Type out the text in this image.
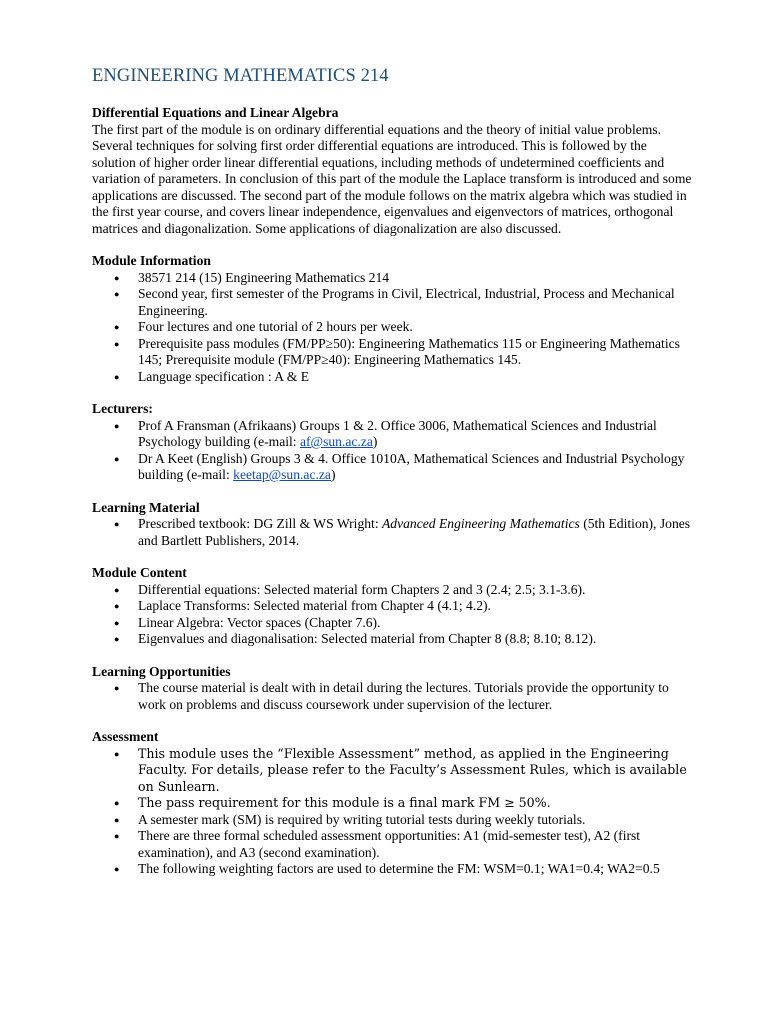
ENGINEERING MATHEMATICS 214

Differential Equations and Linear Algebra

The first part of the module is on ordinary differential equations and the theory of initial value problems. Several techniques for solving first order differential equations are introduced. This is followed by the solution of higher order linear differential equations, including methods of undetermined coefficients and variation of parameters. In conclusion of this part of the module the Laplace transform is introduced and some applications are discussed. The second part of the module follows on the matrix algebra which was studied in the first year course, and covers linear independence, eigenvalues and eigenvectors of matrices, orthogonal matrices and diagonalization. Some applications of diagonalization are also discussed.

Module Information

● 38571 214 (15) Engineering Mathematics 214
● Second year, first semester of the Programs in Civil, Electrical, Industrial, Process and Mechanical Engineering.
● Four lectures and one tutorial of 2 hours per week.
● Prerequisite pass modules (FM/PP≥50): Engineering Mathematics 115 or Engineering Mathematics 145; Prerequisite module (FM/PP≥40): Engineering Mathematics 145.
● Language specification : A & E

Lecturers:

● Prof A Fransman (Afrikaans) Groups 1 & 2. Office 3006, Mathematical Sciences and Industrial Psychology building (e-mail: af@sun.ac.za)
● Dr A Keet (English) Groups 3 & 4. Office 1010A, Mathematical Sciences and Industrial Psychology building (e-mail: keetap@sun.ac.za)

Learning Material

● Prescribed textbook: DG Zill & WS Wright: Advanced Engineering Mathematics (5th Edition), Jones and Bartlett Publishers, 2014.

Module Content

● Differential equations: Selected material form Chapters 2 and 3 (2.4; 2.5; 3.1-3.6).
● Laplace Transforms: Selected material from Chapter 4 (4.1; 4.2).
● Linear Algebra: Vector spaces (Chapter 7.6).
● Eigenvalues and diagonalisation: Selected material from Chapter 8 (8.8; 8.10; 8.12).

Learning Opportunities

● The course material is dealt with in detail during the lectures. Tutorials provide the opportunity to work on problems and discuss coursework under supervision of the lecturer.

Assessment

● This module uses the “Flexible Assessment” method, as applied in the Engineering Faculty. For details, please refer to the Faculty’s Assessment Rules, which is available on Sunlearn.
● The pass requirement for this module is a final mark FM ≥ 50%.
● A semester mark (SM) is required by writing tutorial tests during weekly tutorials.
● There are three formal scheduled assessment opportunities: A1 (mid-semester test), A2 (first examination), and A3 (second examination).
● The following weighting factors are used to determine the FM: WSM=0.1; WA1=0.4; WA2=0.5
